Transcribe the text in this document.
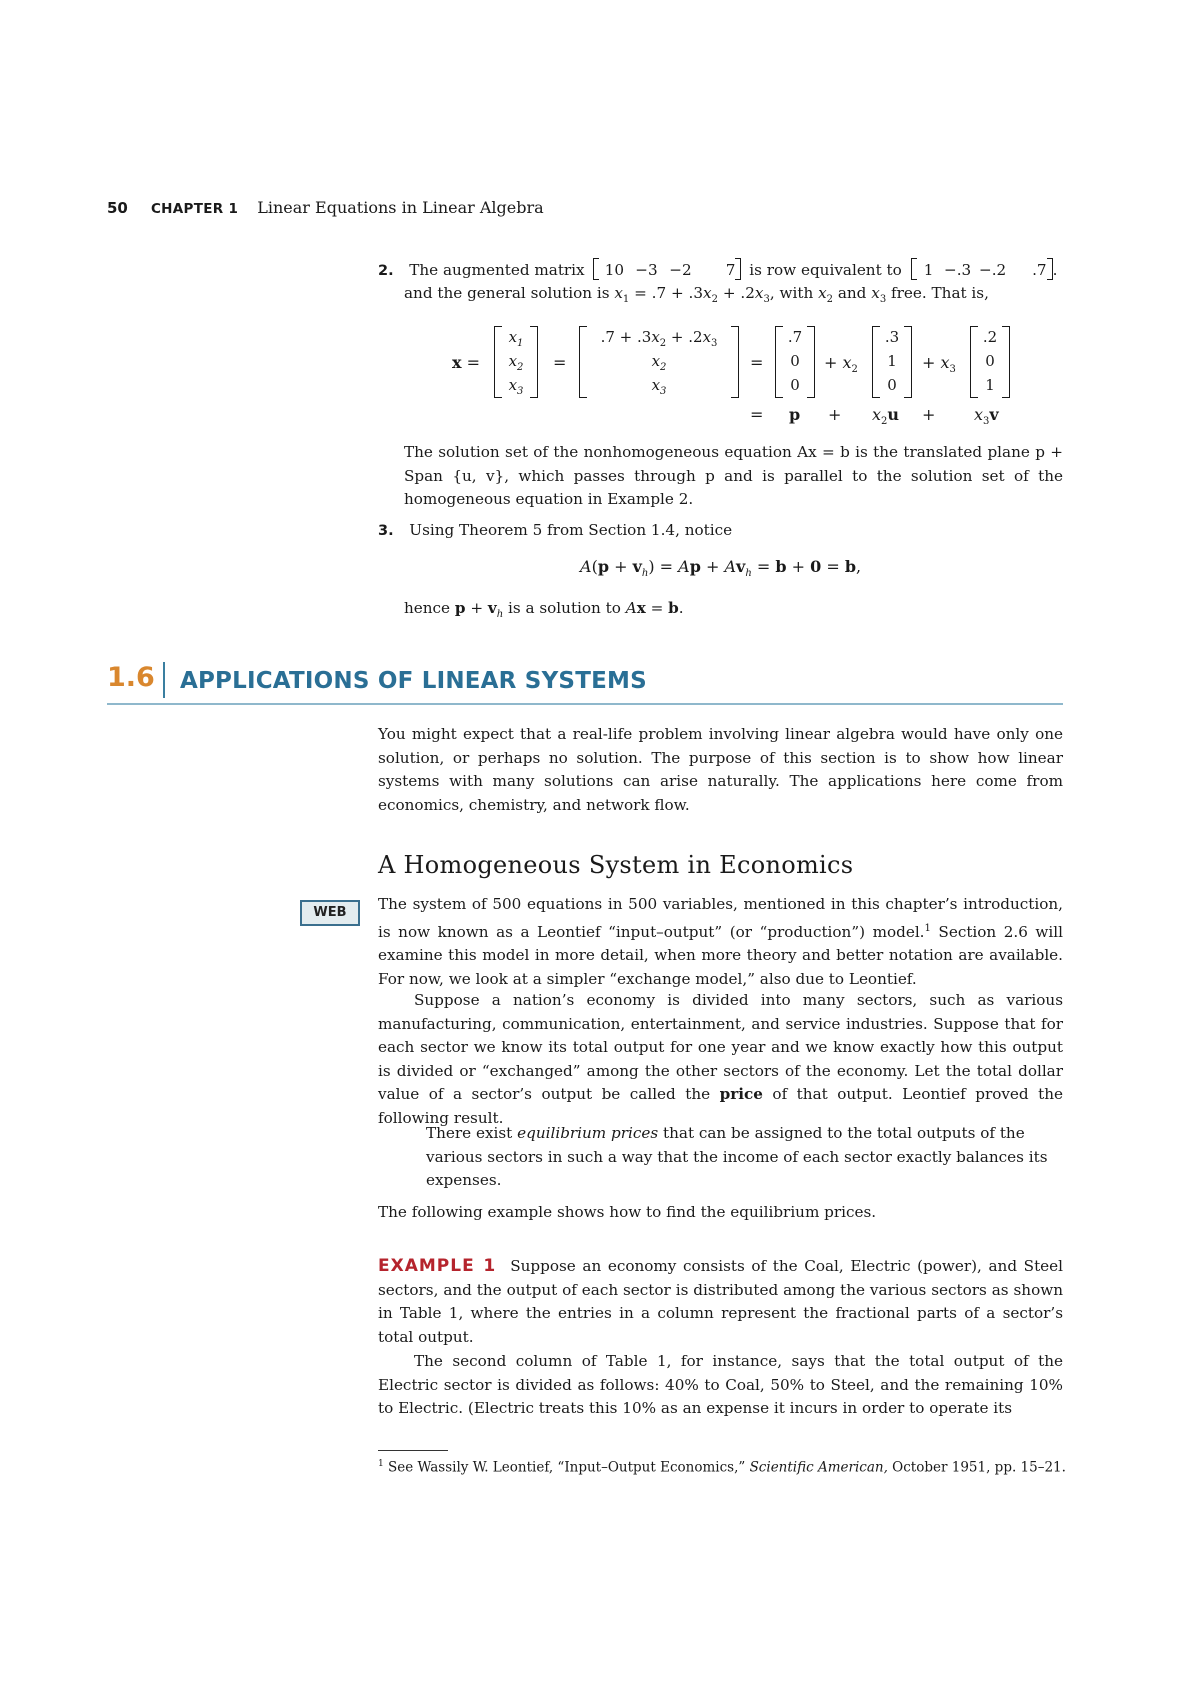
50 CHAPTER 1 Linear Equations in Linear Algebra
2. The augmented matrix 10 −3 −2 7 is row equivalent to 1 −.3 −.2 .7 .
and the general solution is $x_1 = .7 + .3x_2 + .2x_3$, with $x_2$ and $x_3$ free. That is,
x =
$x_1$
$x_2$
$x_3$
=
$.7 + .3x_2 + .2x_3$
$x_2$
$x_3$
=
.7
0
0
+ $x_2$
.3
1
0
+ $x_3$
.2
0
1
= $p + x_2u + x_3v$
The solution set of the nonhomogeneous equation Ax = b is the translated plane p + Span {u, v}, which passes through p and is parallel to the solution set of the homogeneous equation in Example 2.
3. Using Theorem 5 from Section 1.4, notice
$A(p + v_h) = Ap + Av_h = b + 0 = b$,
hence $p + v_h$ is a solution to Ax = b.
1.6 APPLICATIONS OF LINEAR SYSTEMS
You might expect that a real-life problem involving linear algebra would have only one solution, or perhaps no solution. The purpose of this section is to show how linear systems with many solutions can arise naturally. The applications here come from economics, chemistry, and network flow.
A Homogeneous System in Economics
WEB	The system of 500 equations in 500 variables, mentioned in this chapter’s introduction, is now known as a Leontief “input–output” (or “production”) model.$^1$ Section 2.6 will examine this model in more detail, when more theory and better notation are available. For now, we look at a simpler “exchange model,” also due to Leontief.
Suppose a nation’s economy is divided into many sectors, such as various manufacturing, communication, entertainment, and service industries. Suppose that for each sector we know its total output for one year and we know exactly how this output is divided or “exchanged” among the other sectors of the economy. Let the total dollar value of a sector’s output be called the price of that output. Leontief proved the following result.
There exist equilibrium prices that can be assigned to the total outputs of the various sectors in such a way that the income of each sector exactly balances its expenses.
The following example shows how to find the equilibrium prices.
EXAMPLE 1 Suppose an economy consists of the Coal, Electric (power), and Steel sectors, and the output of each sector is distributed among the various sectors as shown in Table 1, where the entries in a column represent the fractional parts of a sector’s total output.
The second column of Table 1, for instance, says that the total output of the Electric sector is divided as follows: 40% to Coal, 50% to Steel, and the remaining 10% to Electric. (Electric treats this 10% as an expense it incurs in order to operate its
$^1$ See Wassily W. Leontief, “Input–Output Economics,” Scientific American, October 1951, pp. 15–21.
